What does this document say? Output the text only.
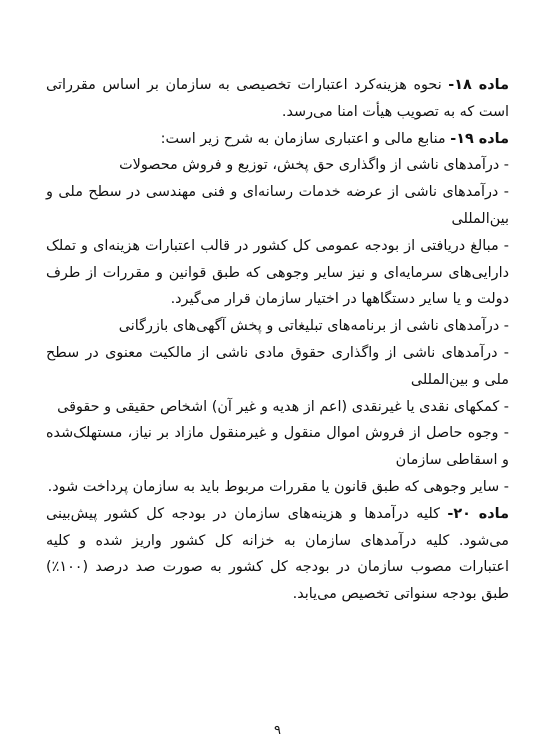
ماده ۱۸- نحوه هزینه‌کرد اعتبارات تخصیصی به سازمان بر اساس مقرراتی است که به تصویب هیأت امنا می‌رسد.

ماده ۱۹- منابع مالی و اعتباری سازمان به شرح زیر است:

- درآمدهای ناشی از واگذاری حق پخش، توزیع و فروش محصولات

- درآمدهای ناشی از عرضه خدمات رسانه‌ای و فنی مهندسی در سطح ملی و بین‌المللی

- مبالغ دریافتی از بودجه عمومی کل کشور در قالب اعتبارات هزینه‌ای و تملک دارایی‌های سرمایه‌ای و نیز سایر وجوهی که طبق قوانین و مقررات از طرف دولت و یا سایر دستگاهها در اختیار سازمان قرار می‌گیرد.

- درآمدهای ناشی از برنامه‌های تبلیغاتی و پخش آگهی‌های بازرگانی

- درآمدهای ناشی از واگذاری حقوق مادی ناشی از مالکیت معنوی در سطح ملی و بین‌المللی

- کمکهای نقدی یا غیرنقدی (اعم از هدیه و غیر آن) اشخاص حقیقی و حقوقی

- وجوه حاصل از فروش اموال منقول و غیرمنقول مازاد بر نیاز، مستهلک‌شده و اسقاطی سازمان

- سایر وجوهی که طبق قانون یا مقررات مربوط باید به سازمان پرداخت شود.

ماده ۲۰- کلیه درآمدها و هزینه‌های سازمان در بودجه کل کشور پیش‌بینی می‌شود. کلیه درآمدهای سازمان به خزانه کل کشور واریز شده و کلیه اعتبارات مصوب سازمان در بودجه کل کشور به صورت صد درصد (۱۰۰٪) طبق بودجه سنواتی تخصیص می‌یابد.

۹
